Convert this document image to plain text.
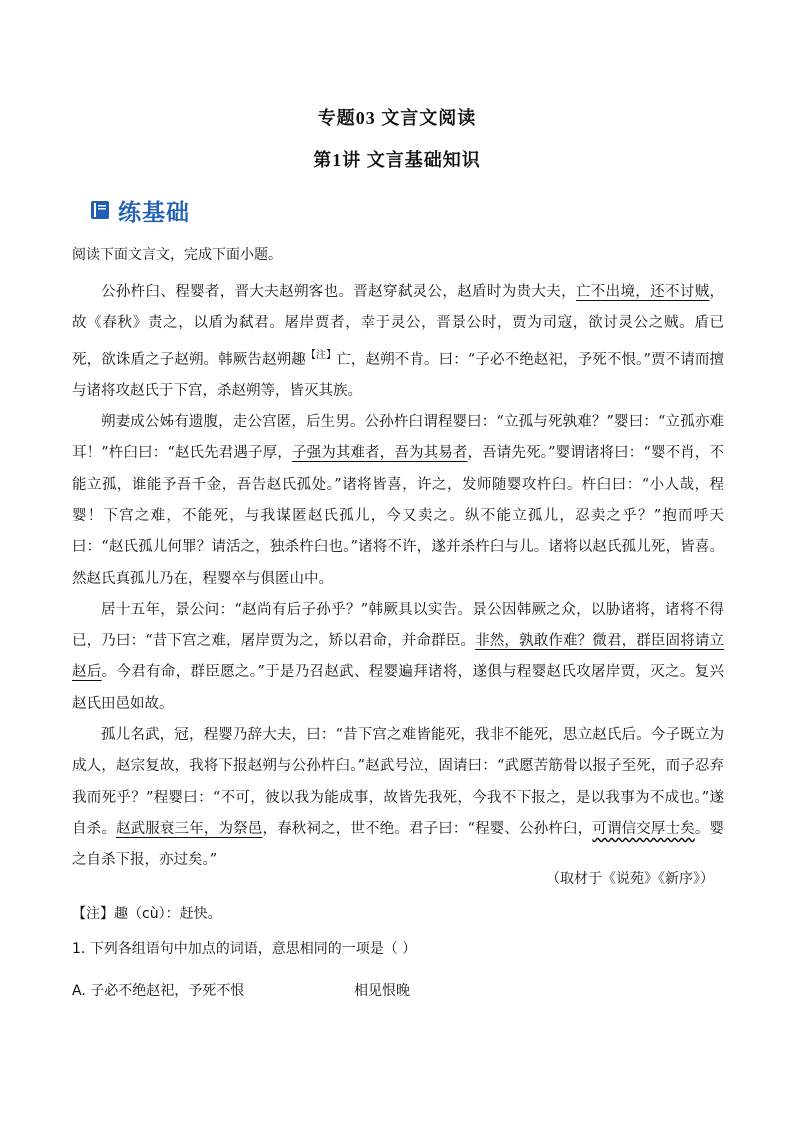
专题03 文言文阅读
第1讲 文言基础知识
练基础
阅读下面文言文，完成下面小题。

公孙杵臼、程婴者，晋大夫赵朔客也。晋赵穿弑灵公，赵盾时为贵大夫，亡不出境，还不讨贼，故《春秋》责之，以盾为弑君。屠岸贾者，幸于灵公，晋景公时，贾为司寇，欲讨灵公之贼。盾已死，欲诛盾之子赵朔。韩厥告赵朔趣$^{【注】}$亡，赵朔不肯。曰：“子必不绝赵祀，予死不恨。”贾不请而擅与诸将攻赵氏于下宫，杀赵朔等，皆灭其族。

朔妻成公姊有遗腹，走公宫匿，后生男。公孙杵臼谓程婴曰：“立孤与死孰难？”婴曰：“立孤亦难耳！”杵臼曰：“赵氏先君遇子厚，子强为其难者，吾为其易者，吾请先死。”婴谓诸将曰：“婴不肖，不能立孤，谁能予吾千金，吾告赵氏孤处。”诸将皆喜，许之，发师随婴攻杵臼。杵臼曰：“小人哉，程婴！下宫之难，不能死，与我谋匿赵氏孤儿，今又卖之。纵不能立孤儿，忍卖之乎？”抱而呼天曰：“赵氏孤儿何罪？请活之，独杀杵臼也。”诸将不许，遂并杀杵臼与儿。诸将以赵氏孤儿死，皆喜。然赵氏真孤儿乃在，程婴卒与俱匿山中。

居十五年，景公问：“赵尚有后子孙乎？”韩厥具以实告。景公因韩厥之众，以胁诸将，诸将不得已，乃曰：“昔下宫之难，屠岸贾为之，矫以君命，并命群臣。非然，孰敢作难？微君，群臣固将请立赵后。今君有命，群臣愿之。”于是乃召赵武、程婴遍拜诸将，遂俱与程婴赵氏攻屠岸贾，灭之。复兴赵氏田邑如故。

孤儿名武，冠，程婴乃辞大夫，曰：“昔下宫之难皆能死，我非不能死，思立赵氏后。今子既立为成人，赵宗复故，我将下报赵朔与公孙杵臼。”赵武号泣，固请曰：“武愿苦筋骨以报子至死，而子忍弃我而死乎？”程婴曰：“不可，彼以我为能成事，故皆先我死，今我不下报之，是以我事为不成也。”遂自杀。赵武服衰三年，为祭邑，春秋祠之，世不绝。君子曰：“程婴、公孙杵臼，可谓信交厚士矣。婴之自杀下报，亦过矣。”

（取材于《说苑》《新序》）
【注】趣（cù）：赶快。
1. 下列各组语句中加点的词语，意思相同的一项是（ ）
A. 子必不绝赵祀，予死不恨	相见恨晚
